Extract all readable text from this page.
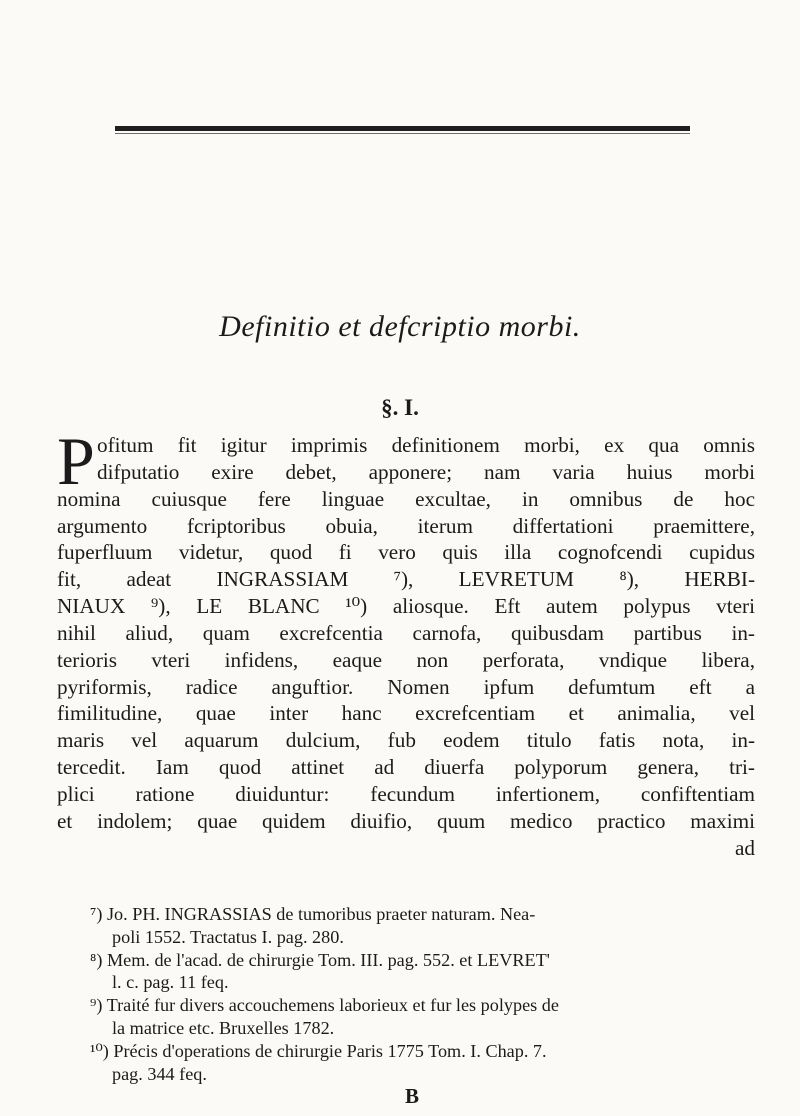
Definitio et defcriptio morbi.
§. I.
P ofitum fit igitur imprimis definitionem morbi, ex qua omnis
difputatio exire debet, apponere; nam varia huius morbi
nomina cuiusque fere linguae excultae, in omnibus de hoc
argumento fcriptoribus obuia, iterum differtationi praemittere,
fuperfluum videtur, quod fi vero quis illa cognofcendi cupidus
fit, adeat INGRASSIAM ⁷), LEVRETUM ⁸), HERBI-
NIAUX ⁹), LE BLANC ¹⁰) aliosque. Eft autem polypus vteri
nihil aliud, quam excrefcentia carnofa, quibusdam partibus in-
terioris vteri infidens, eaque non perforata, vndique libera,
pyriformis, radice anguftior. Nomen ipfum defumtum eft a
fimilitudine, quae inter hanc excrefcentiam et animalia, vel
maris vel aquarum dulcium, fub eodem titulo fatis nota, in-
tercedit. Iam quod attinet ad diuerfa polyporum genera, tri-
plici ratione diuiduntur: fecundum infertionem, confiftentiam
et indolem; quae quidem diuifio, quum medico practico maximi
ad
⁷) Jo. PH. INGRASSIAS de tumoribus praeter naturam. Nea-
poli 1552. Tractatus I. pag. 280.
⁸) Mem. de l'acad. de chirurgie Tom. III. pag. 552. et LEVRET'
l. c. pag. 11 feq.
⁹) Traité fur divers accouchemens laborieux et fur les polypes de
la matrice etc. Bruxelles 1782.
¹⁰) Précis d'operations de chirurgie Paris 1775 Tom. I. Chap. 7.
pag. 344 feq.
B
